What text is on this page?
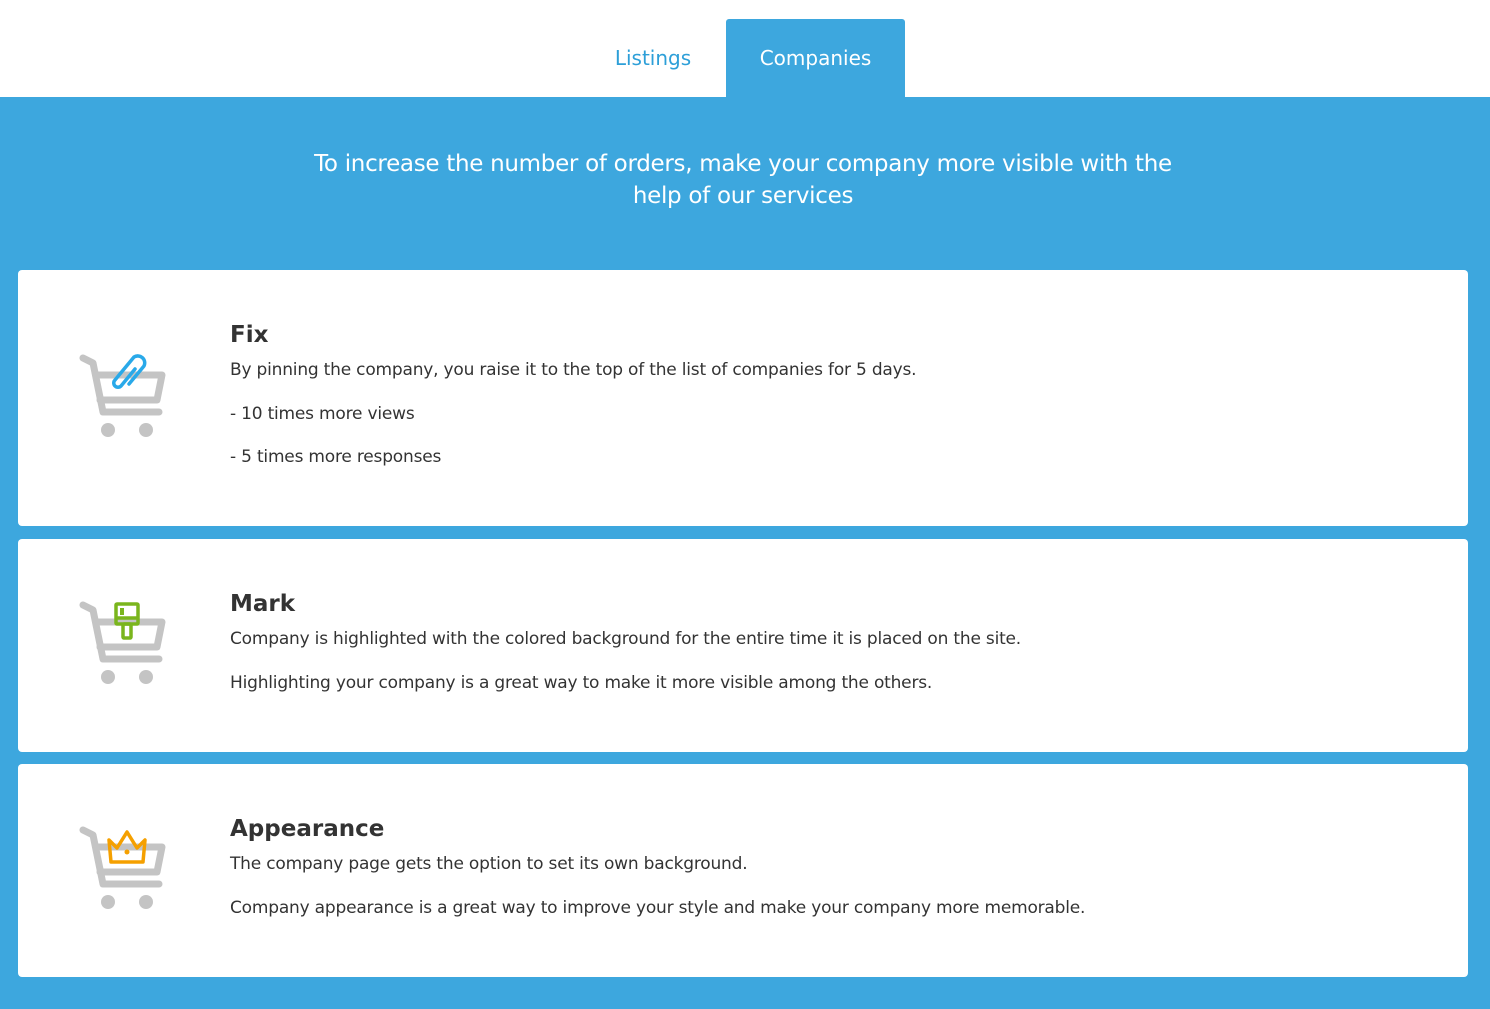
Listings	Companies
To increase the number of orders, make your company more visible with the help of our services
Fix
By pinning the company, you raise it to the top of the list of companies for 5 days.
- 10 times more views
- 5 times more responses
Mark
Company is highlighted with the colored background for the entire time it is placed on the site.
Highlighting your company is a great way to make it more visible among the others.
Appearance
The company page gets the option to set its own background.
Company appearance is a great way to improve your style and make your company more memorable.
